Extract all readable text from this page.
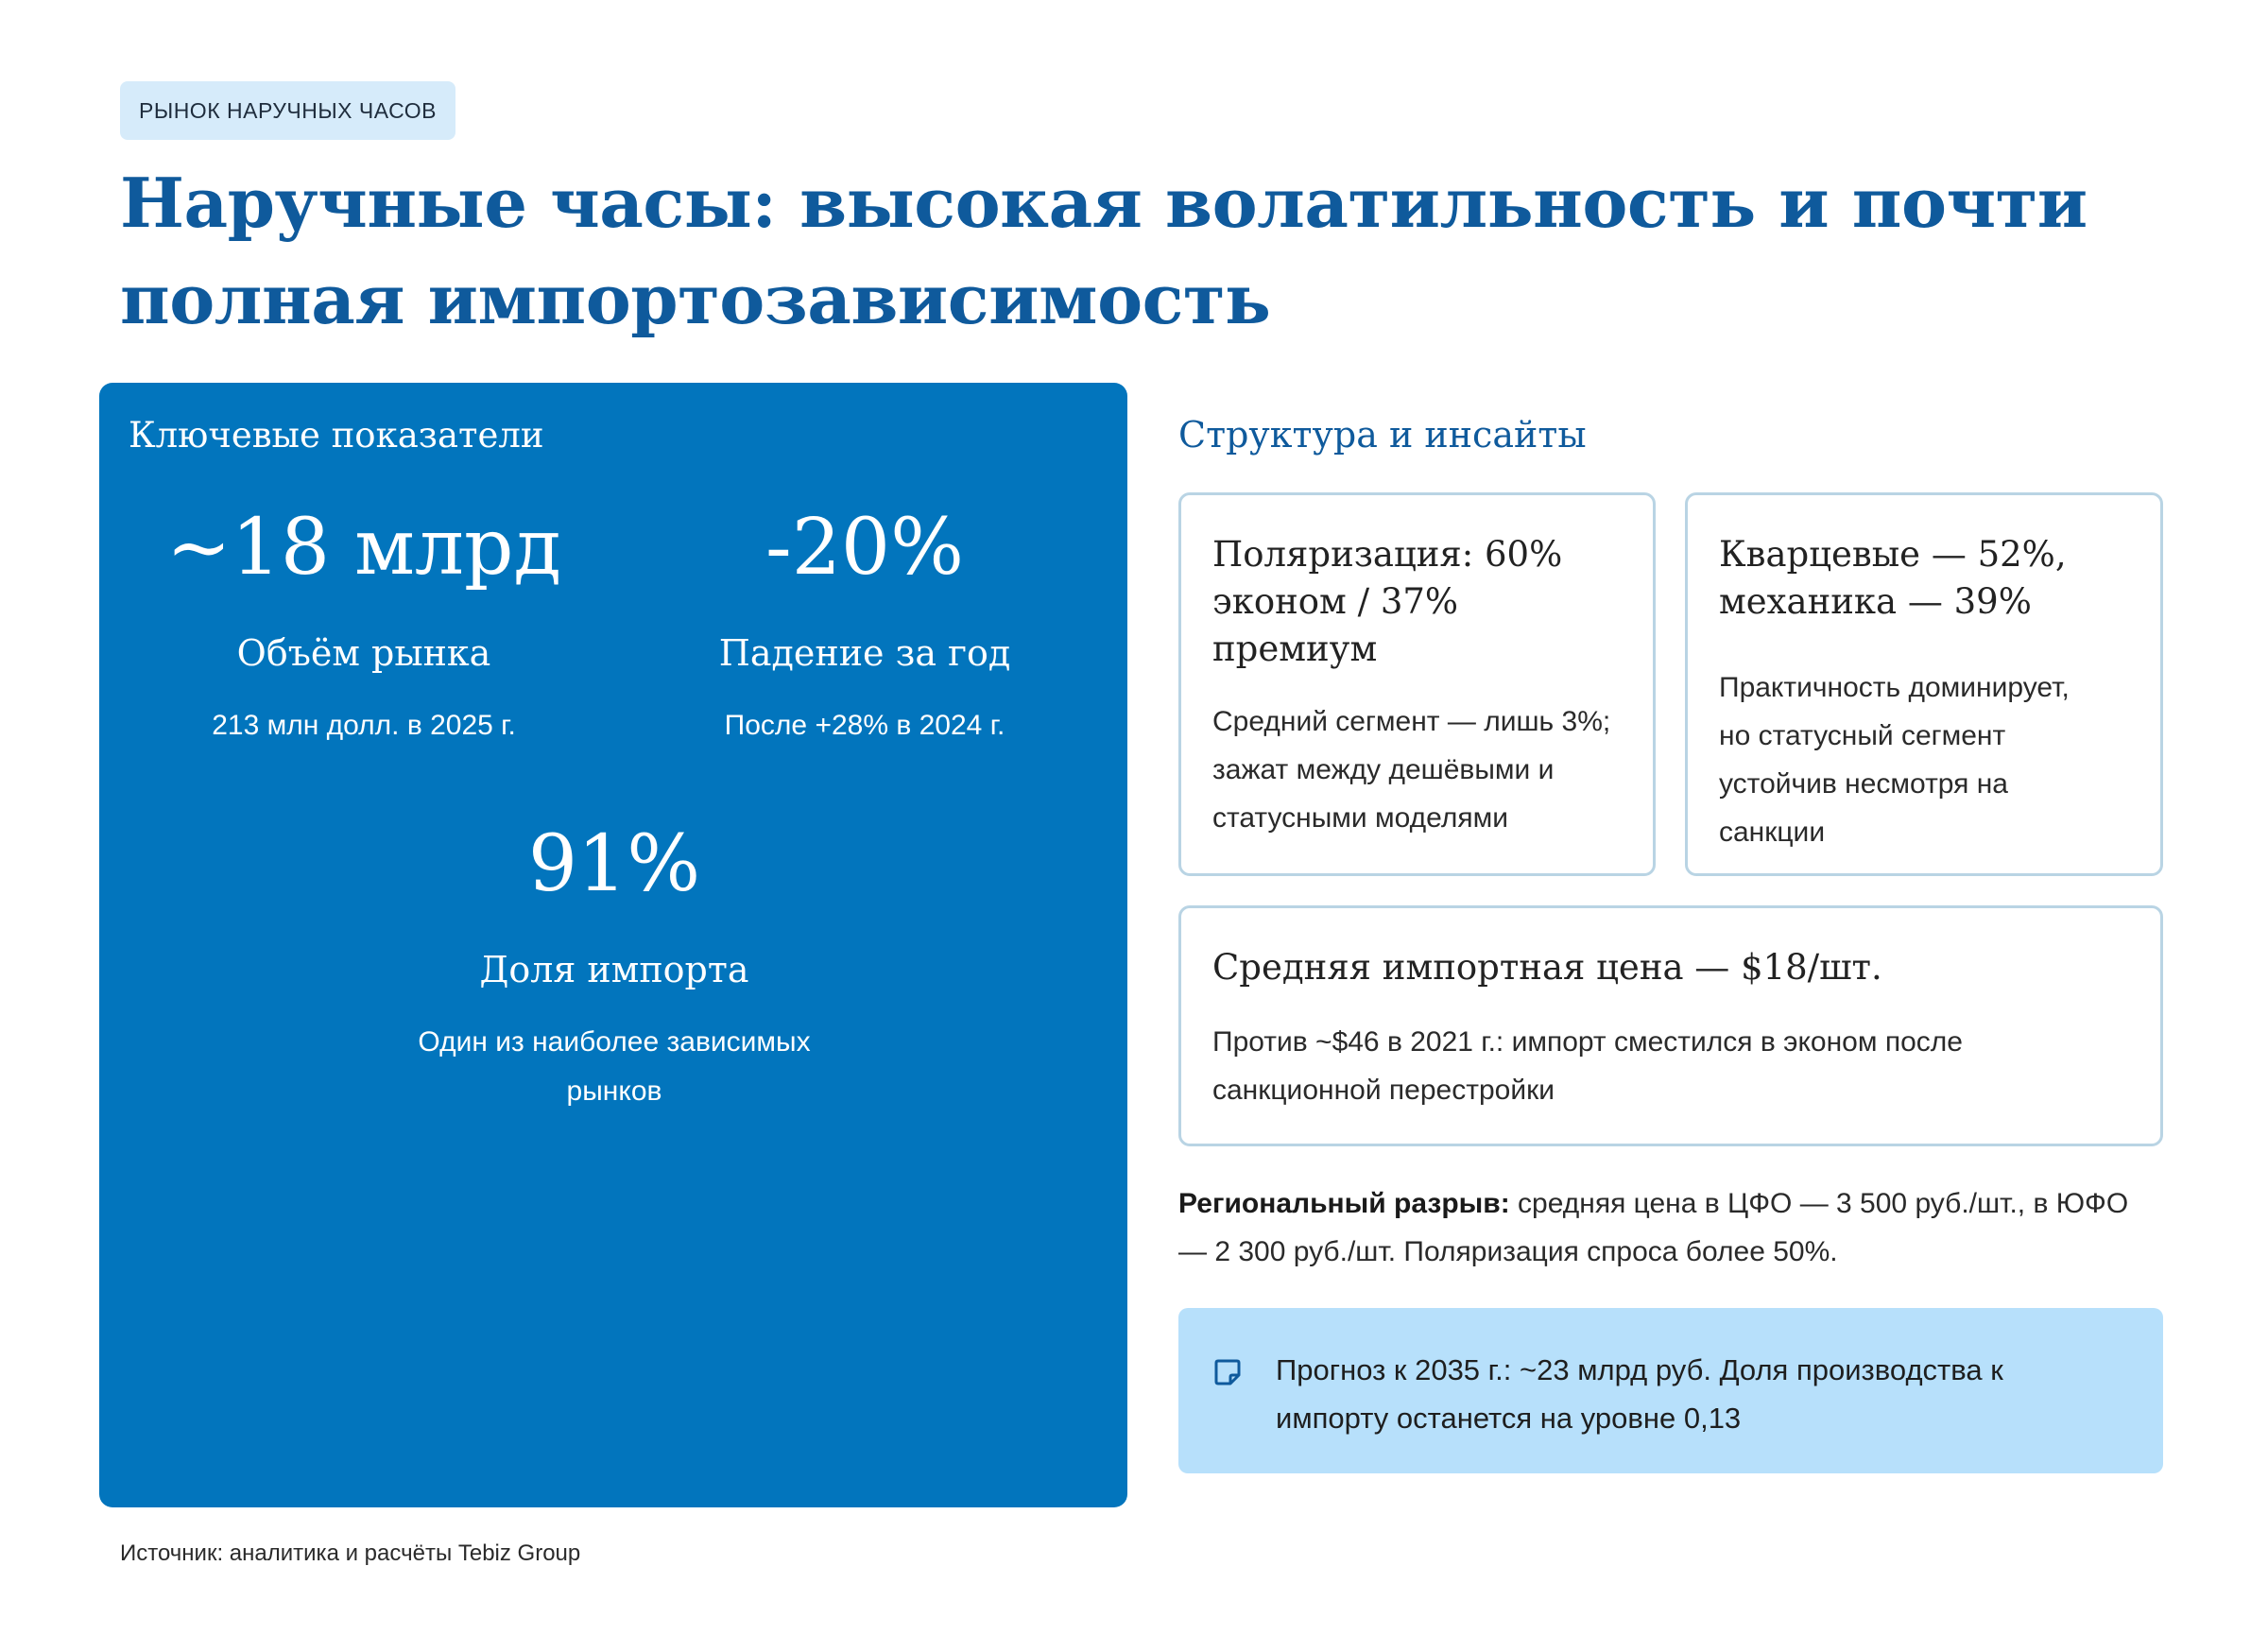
РЫНОК НАРУЧНЫХ ЧАСОВ
Наручные часы: высокая волатильность и почти
полная импортозависимость
Ключевые показатели
~18 млрд
Объём рынка
213 млн долл. в 2025 г.
-20%
Падение за год
После +28% в 2024 г.
91%
Доля импорта
Один из наиболее зависимых
рынков
Структура и инсайты
Поляризация: 60%
эконом / 37%
премиум
Средний сегмент — лишь 3%;
зажат между дешёвыми и
статусными моделями
Кварцевые — 52%,
механика — 39%
Практичность доминирует,
но статусный сегмент
устойчив несмотря на
санкции
Средняя импортная цена — $18/шт.
Против ~$46 в 2021 г.: импорт сместился в эконом после
санкционной перестройки
Региональный разрыв: средняя цена в ЦФО — 3 500 руб./шт., в ЮФО
— 2 300 руб./шт. Поляризация спроса более 50%.
Прогноз к 2035 г.: ~23 млрд руб. Доля производства к
импорту останется на уровне 0,13
Источник: аналитика и расчёты Tebiz Group
